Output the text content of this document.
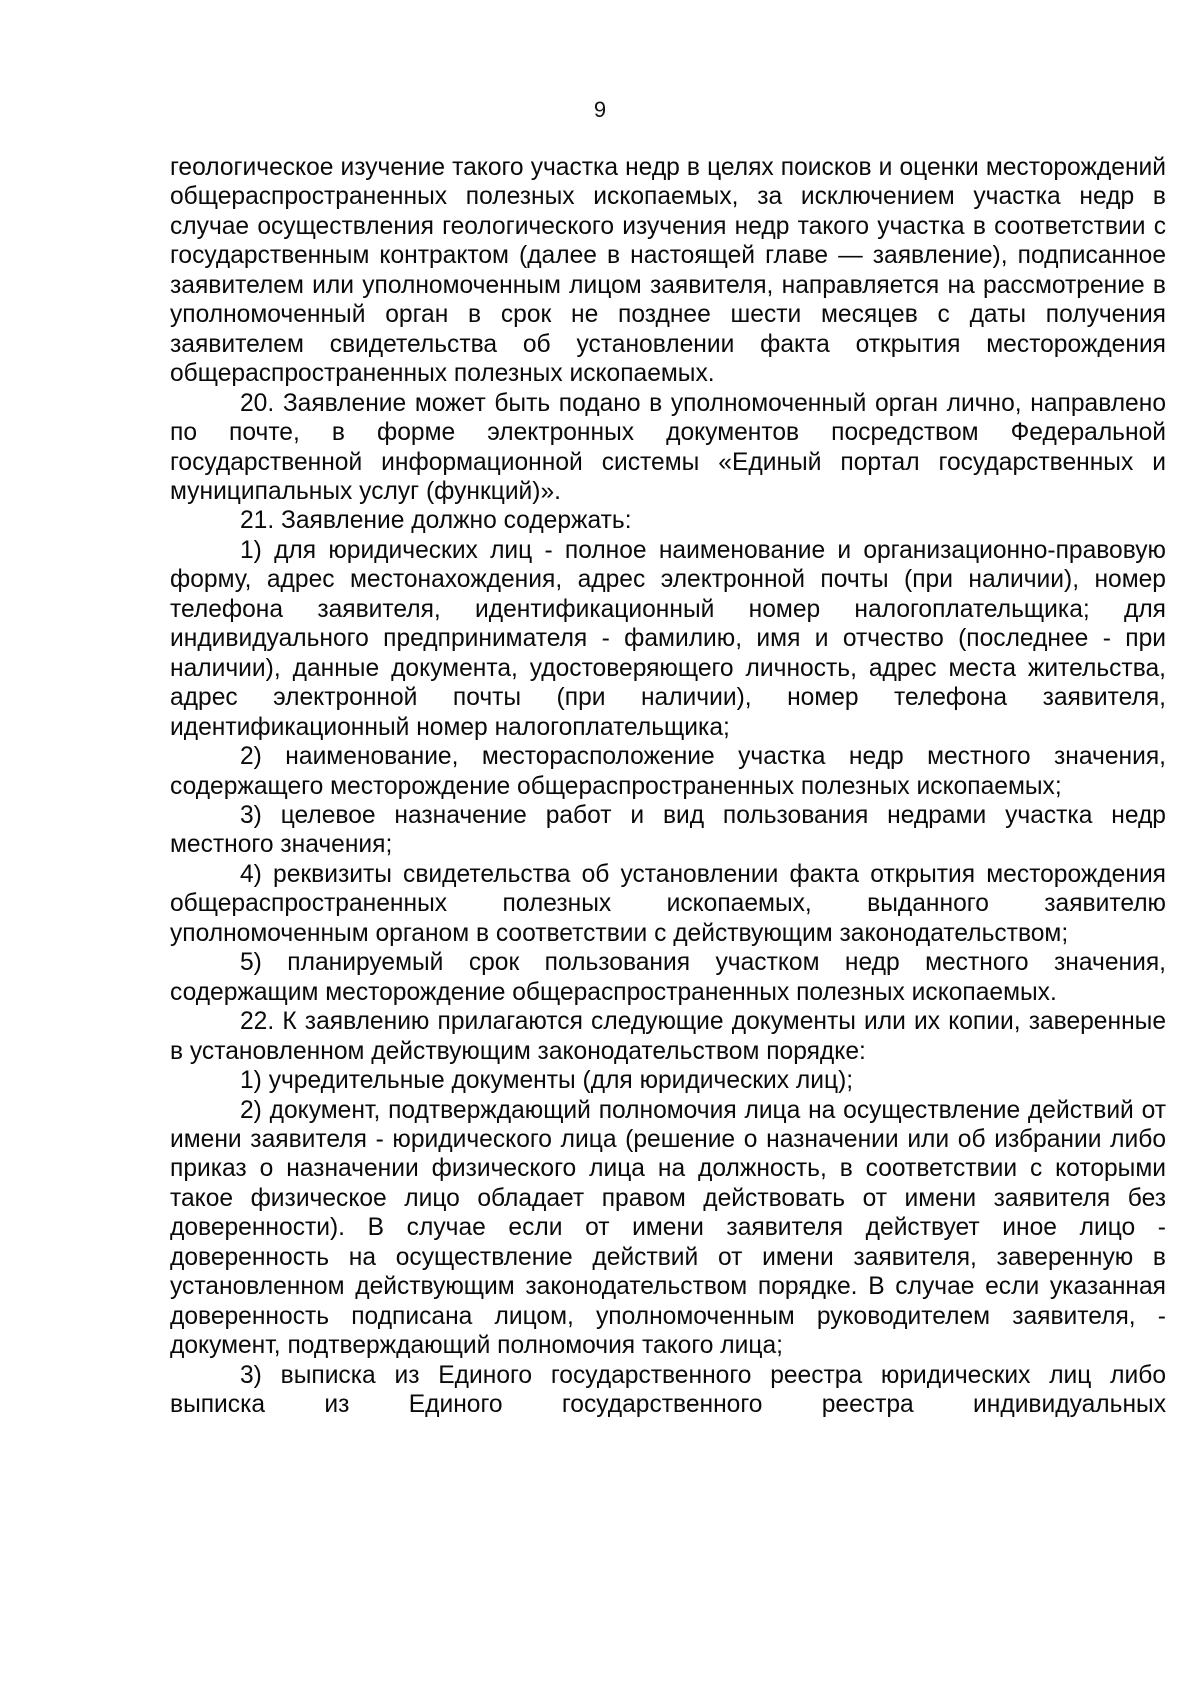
9

геологическое изучение такого участка недр в целях поисков и оценки месторождений общераспространенных полезных ископаемых, за исключением участка недр в случае осуществления геологического изучения недр такого участка в соответствии с государственным контрактом (далее в настоящей главе — заявление), подписанное заявителем или уполномоченным лицом заявителя, направляется на рассмотрение в уполномоченный орган в срок не позднее шести месяцев с даты получения заявителем свидетельства об установлении факта открытия месторождения общераспространенных полезных ископаемых.

20. Заявление может быть подано в уполномоченный орган лично, направлено по почте, в форме электронных документов посредством Федеральной государственной информационной системы «Единый портал государственных и муниципальных услуг (функций)».

21. Заявление должно содержать:

1) для юридических лиц - полное наименование и организационно-правовую форму, адрес местонахождения, адрес электронной почты (при наличии), номер телефона заявителя, идентификационный номер налогоплательщика; для индивидуального предпринимателя - фамилию, имя и отчество (последнее - при наличии), данные документа, удостоверяющего личность, адрес места жительства, адрес электронной почты (при наличии), номер телефона заявителя, идентификационный номер налогоплательщика;

2) наименование, месторасположение участка недр местного значения, содержащего месторождение общераспространенных полезных ископаемых;

3) целевое назначение работ и вид пользования недрами участка недр местного значения;

4) реквизиты свидетельства об установлении факта открытия месторождения общераспространенных полезных ископаемых, выданного заявителю уполномоченным органом в соответствии с действующим законодательством;

5) планируемый срок пользования участком недр местного значения, содержащим месторождение общераспространенных полезных ископаемых.

22. К заявлению прилагаются следующие документы или их копии, заверенные в установленном действующим законодательством порядке:

1) учредительные документы (для юридических лиц);

2) документ, подтверждающий полномочия лица на осуществление действий от имени заявителя - юридического лица (решение о назначении или об избрании либо приказ о назначении физического лица на должность, в соответствии с которыми такое физическое лицо обладает правом действовать от имени заявителя без доверенности). В случае если от имени заявителя действует иное лицо - доверенность на осуществление действий от имени заявителя, заверенную в установленном действующим законодательством порядке. В случае если указанная доверенность подписана лицом, уполномоченным руководителем заявителя, - документ, подтверждающий полномочия такого лица;

3) выписка из Единого государственного реестра юридических лиц либо выписка из Единого государственного реестра индивидуальных
